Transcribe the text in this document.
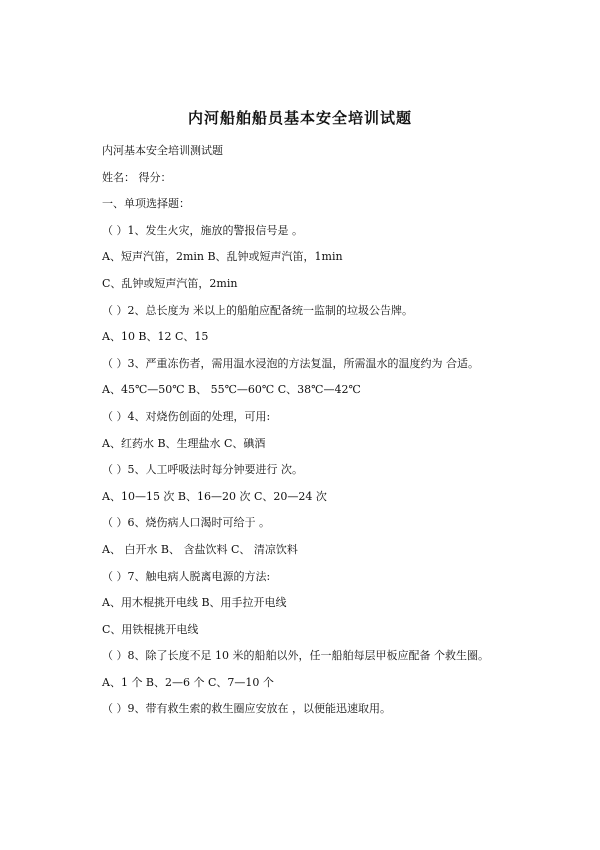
内河船舶船员基本安全培训试题
内河基本安全培训测试题
姓名： 得分：
一、单项选择题：
（ ）1、发生火灾，施放的警报信号是 。
A、短声汽笛，2min B、乱钟或短声汽笛，1min
C、乱钟或短声汽笛，2min
（ ）2、总长度为 米以上的船舶应配备统一监制的垃圾公告牌。
A、10 B、12 C、15
（ ）3、严重冻伤者，需用温水浸泡的方法复温，所需温水的温度约为 合适。
A、45℃—50℃ B、 55℃—60℃ C、38℃—42℃
（ ）4、对烧伤创面的处理，可用:
A、红药水 B、生理盐水 C、碘酒
（ ）5、人工呼吸法时每分钟要进行 次。
A、10—15 次 B、16—20 次 C、20—24 次
（ ）6、烧伤病人口渴时可给于 。
A、 白开水 B、 含盐饮料 C、 清凉饮料
（ ）7、触电病人脱离电源的方法:
A、用木棍挑开电线 B、用手拉开电线
C、用铁棍挑开电线
（ ）8、除了长度不足 10 米的船舶以外，任一船舶每层甲板应配备 个救生圈。
A、1 个 B、2—6 个 C、7—10 个
（ ）9、带有救生索的救生圈应安放在 ，以便能迅速取用。
